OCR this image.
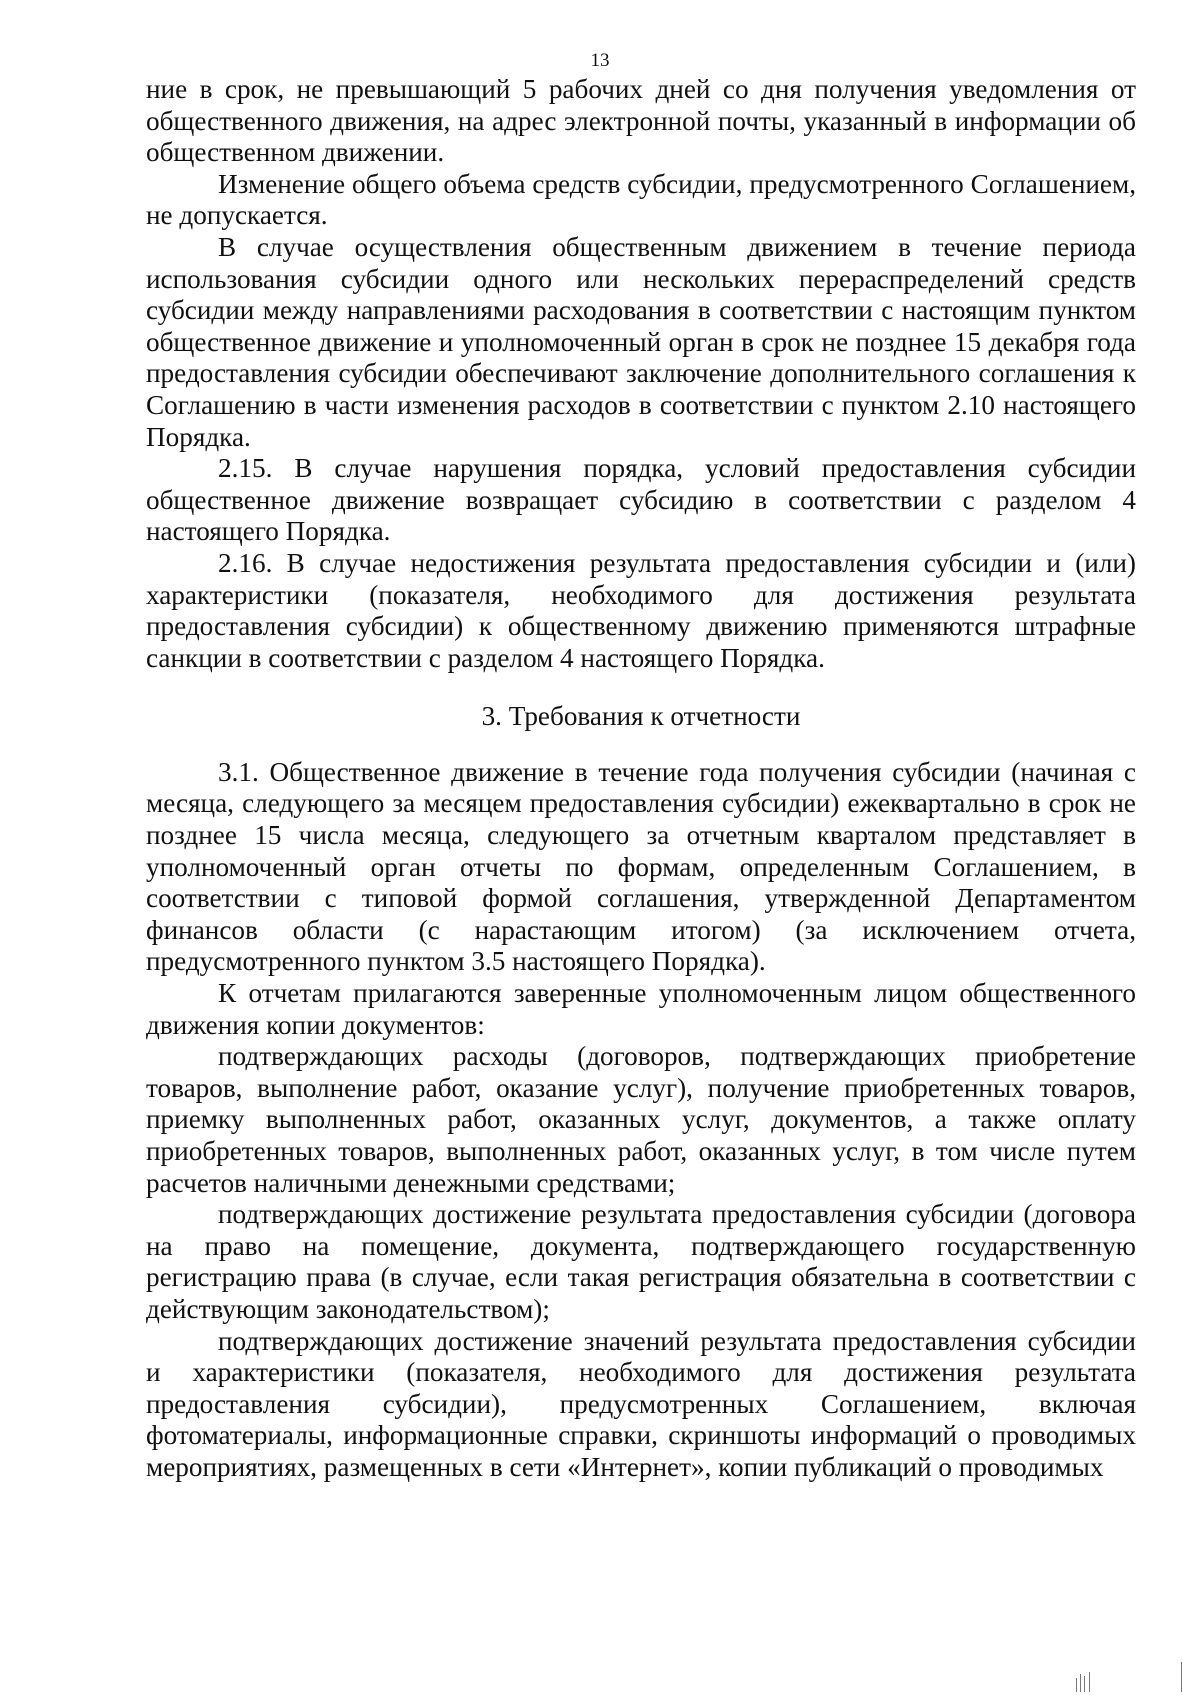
13

ние в срок, не превышающий 5 рабочих дней со дня получения уведомления от общественного движения, на адрес электронной почты, указанный в информации об общественном движении.

Изменение общего объема средств субсидии, предусмотренного Соглашением, не допускается.

В случае осуществления общественным движением в течение периода использования субсидии одного или нескольких перераспределений средств субсидии между направлениями расходования в соответствии с настоящим пунктом общественное движение и уполномоченный орган в срок не позднее 15 декабря года предоставления субсидии обеспечивают заключение дополнительного соглашения к Соглашению в части изменения расходов в соответствии с пунктом 2.10 настоящего Порядка.

2.15. В случае нарушения порядка, условий предоставления субсидии общественное движение возвращает субсидию в соответствии с разделом 4 настоящего Порядка.

2.16. В случае недостижения результата предоставления субсидии и (или) характеристики (показателя, необходимого для достижения результата предоставления субсидии) к общественному движению применяются штрафные санкции в соответствии с разделом 4 настоящего Порядка.

3. Требования к отчетности

3.1. Общественное движение в течение года получения субсидии (начиная с месяца, следующего за месяцем предоставления субсидии) ежеквартально в срок не позднее 15 числа месяца, следующего за отчетным кварталом представляет в уполномоченный орган отчеты по формам, определенным Соглашением, в соответствии с типовой формой соглашения, утвержденной Департаментом финансов области (с нарастающим итогом) (за исключением отчета, предусмотренного пунктом 3.5 настоящего Порядка).

К отчетам прилагаются заверенные уполномоченным лицом общественного движения копии документов:

подтверждающих расходы (договоров, подтверждающих приобретение товаров, выполнение работ, оказание услуг), получение приобретенных товаров, приемку выполненных работ, оказанных услуг, документов, а также оплату приобретенных товаров, выполненных работ, оказанных услуг, в том числе путем расчетов наличными денежными средствами;

подтверждающих достижение результата предоставления субсидии (договора на право на помещение, документа, подтверждающего государственную регистрацию права (в случае, если такая регистрация обязательна в соответствии с действующим законодательством);

подтверждающих достижение значений результата предоставления субсидии и характеристики (показателя, необходимого для достижения результата предоставления субсидии), предусмотренных Соглашением, включая фотоматериалы, информационные справки, скриншоты информаций о проводимых мероприятиях, размещенных в сети «Интернет», копии публикаций о проводимых
